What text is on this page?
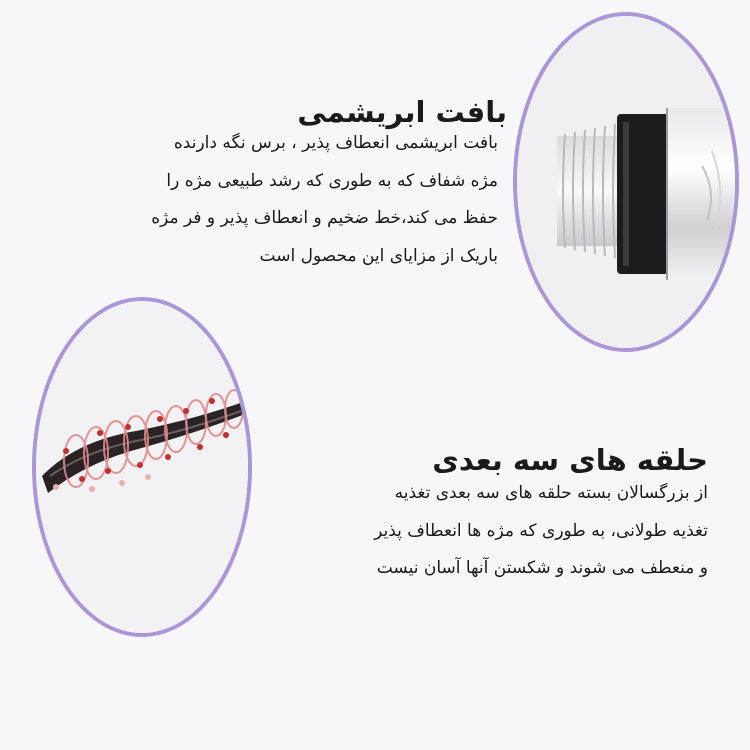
بافت ابریشمی

بافت ابریشمی انعطاف پذیر ، برس نگه دارنده
مژه شفاف که به طوری که رشد طبیعی مژه را
حفظ می کند،خط ضخیم و انعطاف پذیر و فر مژه
باریک از مزایای این محصول است

حلقه های سه بعدی

از بزرگسالان بسته حلقه های سه بعدی تغذیه
تغذیه طولانی، به طوری که مژه ها انعطاف پذیر
و منعطف می شوند و شکستن آنها آسان نیست
